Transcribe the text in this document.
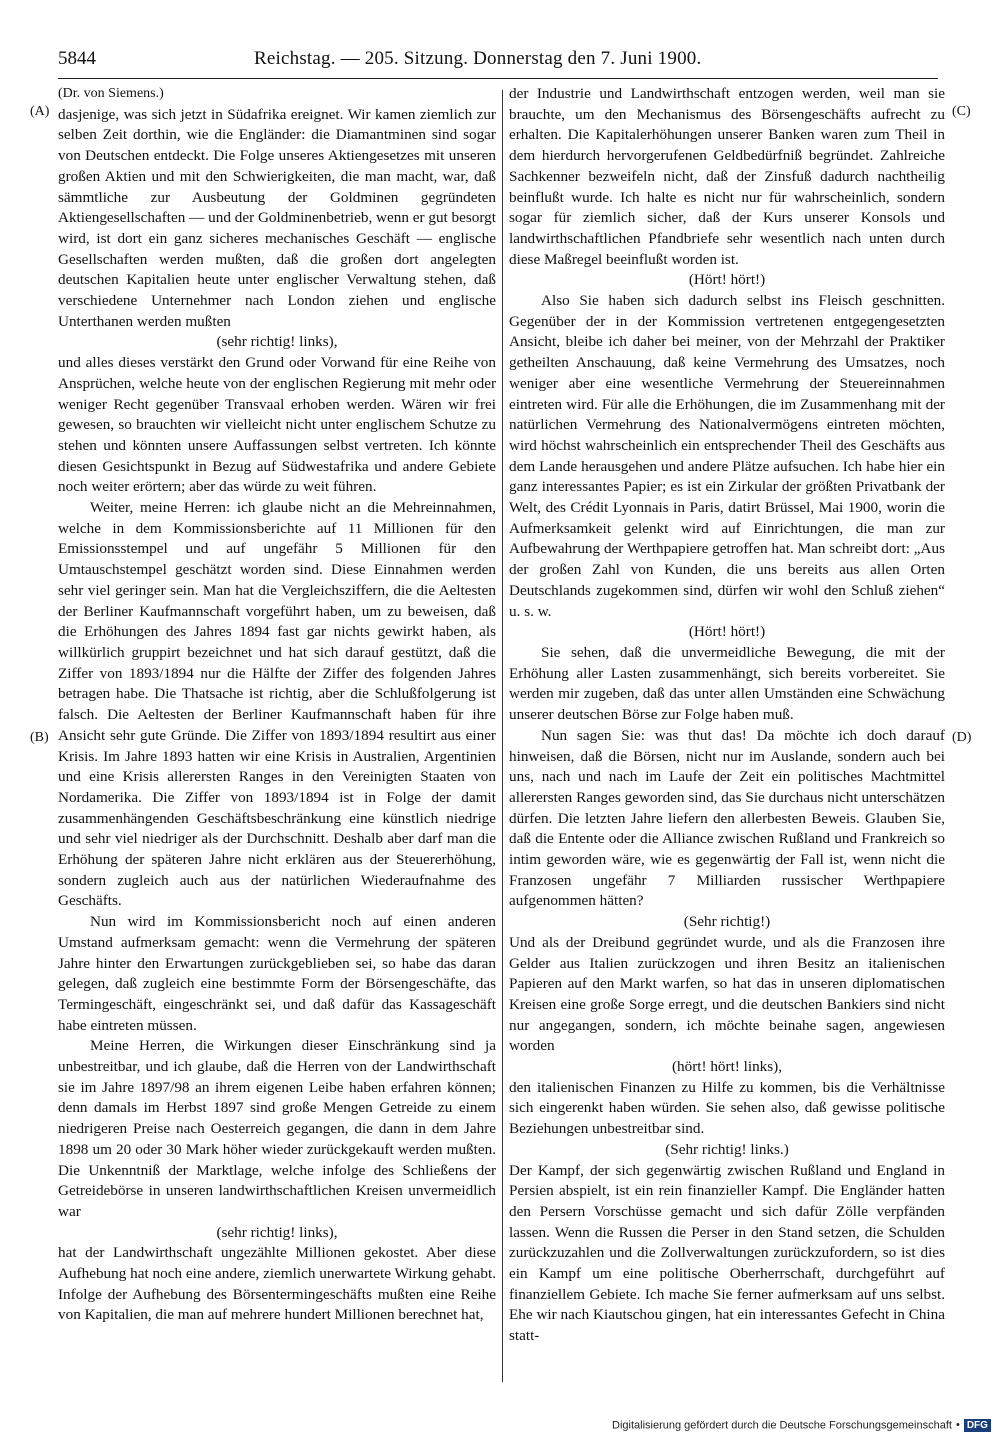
5844	Reichstag. — 205. Sitzung. Donnerstag den 7. Juni 1900.
(A)
(B)
(C)
(D)

(Dr. von Siemens.)

dasjenige, was sich jetzt in Südafrika ereignet. Wir kamen ziemlich zur selben Zeit dorthin, wie die Engländer: die Diamantminen sind sogar von Deutschen entdeckt. Die Folge unseres Aktiengesetzes mit unseren großen Aktien und mit den Schwierigkeiten, die man macht, war, daß sämmtliche zur Ausbeutung der Goldminen gegründeten Aktiengesellschaften — und der Goldminenbetrieb, wenn er gut besorgt wird, ist dort ein ganz sicheres mechanisches Geschäft — englische Gesellschaften werden mußten, daß die großen dort angelegten deutschen Kapitalien heute unter englischer Verwaltung stehen, daß verschiedene Unternehmer nach London ziehen und englische Unterthanen werden mußten

(sehr richtig! links),

und alles dieses verstärkt den Grund oder Vorwand für eine Reihe von Ansprüchen, welche heute von der englischen Regierung mit mehr oder weniger Recht gegenüber Transvaal erhoben werden. Wären wir frei gewesen, so brauchten wir vielleicht nicht unter englischem Schutze zu stehen und könnten unsere Auffassungen selbst vertreten. Ich könnte diesen Gesichtspunkt in Bezug auf Südwestafrika und andere Gebiete noch weiter erörtern; aber das würde zu weit führen.

Weiter, meine Herren: ich glaube nicht an die Mehreinnahmen, welche in dem Kommissionsberichte auf 11 Millionen für den Emissionsstempel und auf ungefähr 5 Millionen für den Umtauschstempel geschätzt worden sind. Diese Einnahmen werden sehr viel geringer sein. Man hat die Vergleichsziffern, die die Aeltesten der Berliner Kaufmannschaft vorgeführt haben, um zu beweisen, daß die Erhöhungen des Jahres 1894 fast gar nichts gewirkt haben, als willkürlich gruppirt bezeichnet und hat sich darauf gestützt, daß die Ziffer von 1893/1894 nur die Hälfte der Ziffer des folgenden Jahres betragen habe. Die Thatsache ist richtig, aber die Schlußfolgerung ist falsch. Die Aeltesten der Berliner Kaufmannschaft haben für ihre Ansicht sehr gute Gründe. Die Ziffer von 1893/1894 resultirt aus einer Krisis. Im Jahre 1893 hatten wir eine Krisis in Australien, Argentinien und eine Krisis allerersten Ranges in den Vereinigten Staaten von Nordamerika. Die Ziffer von 1893/1894 ist in Folge der damit zusammenhängenden Geschäftsbeschränkung eine künstlich niedrige und sehr viel niedriger als der Durchschnitt. Deshalb aber darf man die Erhöhung der späteren Jahre nicht erklären aus der Steuererhöhung, sondern zugleich auch aus der natürlichen Wiederaufnahme des Geschäfts.

Nun wird im Kommissionsbericht noch auf einen anderen Umstand aufmerksam gemacht: wenn die Vermehrung der späteren Jahre hinter den Erwartungen zurückgeblieben sei, so habe das daran gelegen, daß zugleich eine bestimmte Form der Börsengeschäfte, das Termingeschäft, eingeschränkt sei, und daß dafür das Kassageschäft habe eintreten müssen.

Meine Herren, die Wirkungen dieser Einschränkung sind ja unbestreitbar, und ich glaube, daß die Herren von der Landwirthschaft sie im Jahre 1897/98 an ihrem eigenen Leibe haben erfahren können; denn damals im Herbst 1897 sind große Mengen Getreide zu einem niedrigeren Preise nach Oesterreich gegangen, die dann in dem Jahre 1898 um 20 oder 30 Mark höher wieder zurückgekauft werden mußten. Die Unkenntniß der Marktlage, welche infolge des Schließens der Getreidebörse in unseren landwirthschaftlichen Kreisen unvermeidlich war

(sehr richtig! links),

hat der Landwirthschaft ungezählte Millionen gekostet. Aber diese Aufhebung hat noch eine andere, ziemlich unerwartete Wirkung gehabt. Infolge der Aufhebung des Börsentermingeschäfts mußten eine Reihe von Kapitalien, die man auf mehrere hundert Millionen berechnet hat,

der Industrie und Landwirthschaft entzogen werden, weil man sie brauchte, um den Mechanismus des Börsengeschäfts aufrecht zu erhalten. Die Kapitalerhöhungen unserer Banken waren zum Theil in dem hierdurch hervorgerufenen Geldbedürfniß begründet. Zahlreiche Sachkenner bezweifeln nicht, daß der Zinsfuß dadurch nachtheilig beinflußt wurde. Ich halte es nicht nur für wahrscheinlich, sondern sogar für ziemlich sicher, daß der Kurs unserer Konsols und landwirthschaftlichen Pfandbriefe sehr wesentlich nach unten durch diese Maßregel beeinflußt worden ist.

(Hört! hört!)

Also Sie haben sich dadurch selbst ins Fleisch geschnitten. Gegenüber der in der Kommission vertretenen entgegengesetzten Ansicht, bleibe ich daher bei meiner, von der Mehrzahl der Praktiker getheilten Anschauung, daß keine Vermehrung des Umsatzes, noch weniger aber eine wesentliche Vermehrung der Steuereinnahmen eintreten wird. Für alle die Erhöhungen, die im Zusammenhang mit der natürlichen Vermehrung des Nationalvermögens eintreten möchten, wird höchst wahrscheinlich ein entsprechender Theil des Geschäfts aus dem Lande herausgehen und andere Plätze aufsuchen. Ich habe hier ein ganz interessantes Papier; es ist ein Zirkular der größten Privatbank der Welt, des Crédit Lyonnais in Paris, datirt Brüssel, Mai 1900, worin die Aufmerksamkeit gelenkt wird auf Einrichtungen, die man zur Aufbewahrung der Werthpapiere getroffen hat. Man schreibt dort: „Aus der großen Zahl von Kunden, die uns bereits aus allen Orten Deutschlands zugekommen sind, dürfen wir wohl den Schluß ziehen“ u. s. w.

(Hört! hört!)

Sie sehen, daß die unvermeidliche Bewegung, die mit der Erhöhung aller Lasten zusammenhängt, sich bereits vorbereitet. Sie werden mir zugeben, daß das unter allen Umständen eine Schwächung unserer deutschen Börse zur Folge haben muß.

Nun sagen Sie: was thut das! Da möchte ich doch darauf hinweisen, daß die Börsen, nicht nur im Auslande, sondern auch bei uns, nach und nach im Laufe der Zeit ein politisches Machtmittel allerersten Ranges geworden sind, das Sie durchaus nicht unterschätzen dürfen. Die letzten Jahre liefern den allerbesten Beweis. Glauben Sie, daß die Entente oder die Alliance zwischen Rußland und Frankreich so intim geworden wäre, wie es gegenwärtig der Fall ist, wenn nicht die Franzosen ungefähr 7 Milliarden russischer Werthpapiere aufgenommen hätten?

(Sehr richtig!)

Und als der Dreibund gegründet wurde, und als die Franzosen ihre Gelder aus Italien zurückzogen und ihren Besitz an italienischen Papieren auf den Markt warfen, so hat das in unseren diplomatischen Kreisen eine große Sorge erregt, und die deutschen Bankiers sind nicht nur angegangen, sondern, ich möchte beinahe sagen, angewiesen worden

(hört! hört! links),

den italienischen Finanzen zu Hilfe zu kommen, bis die Verhältnisse sich eingerenkt haben würden. Sie sehen also, daß gewisse politische Beziehungen unbestreitbar sind.

(Sehr richtig! links.)

Der Kampf, der sich gegenwärtig zwischen Rußland und England in Persien abspielt, ist ein rein finanzieller Kampf. Die Engländer hatten den Persern Vorschüsse gemacht und sich dafür Zölle verpfänden lassen. Wenn die Russen die Perser in den Stand setzen, die Schulden zurückzuzahlen und die Zollverwaltungen zurückzufordern, so ist dies ein Kampf um eine politische Oberherrschaft, durchgeführt auf finanziellem Gebiete. Ich mache Sie ferner aufmerksam auf uns selbst. Ehe wir nach Kiautschou gingen, hat ein interessantes Gefecht in China statt-

Digitalisierung gefördert durch die Deutsche Forschungsgemeinschaft • DFG
